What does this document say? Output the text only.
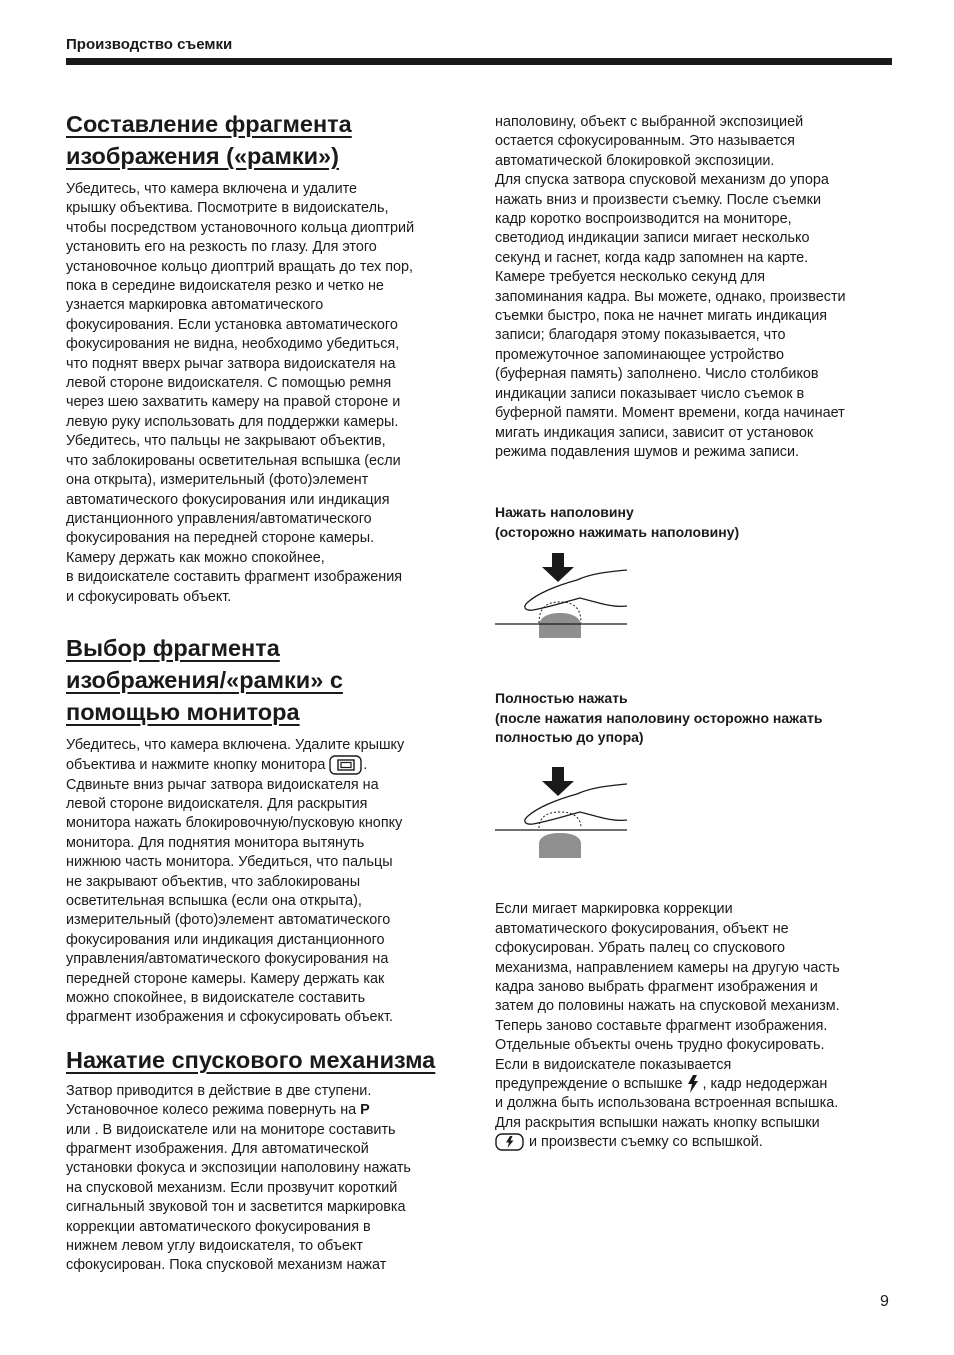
Производство съемки
Составление фрагмента
изображения («рамки»)

Убедитесь, что камера включена и удалите
крышку объектива. Посмотрите в видоискатель,
чтобы посредством установочного кольца диоптрий
установить его на резкость по глазу. Для этого
установочное кольцо диоптрий вращать до тех пор,
пока в середине видоискателя резко и четко не
узнается маркировка автоматического
фокусирования. Если установка автоматического
фокусирования не видна, необходимо убедиться,
что поднят вверх рычаг затвора видоискателя на
левой стороне видоискателя. С помощью ремня
через шею захватить камеру на правой стороне и
левую руку использовать для поддержки камеры.
Убедитесь, что пальцы не закрывают объектив,
что заблокированы осветительная вспышка (если
она открыта), измерительный (фото)элемент
автоматического фокусирования или индикация
дистанционного управления/автоматического
фокусирования на передней стороне камеры.
Камеру держать как можно спокойнее,
в видоискателе составить фрагмент изображения
и сфокусировать объект.

Выбор фрагмента
изображения/«рамки» с
помощью монитора

Убедитесь, что камера включена. Удалите крышку
объектива и нажмите кнопку монитора	.
Сдвиньте вниз рычаг затвора видоискателя на
левой стороне видоискателя. Для раскрытия
монитора нажать блокировочную/пусковую кнопку
монитора. Для поднятия монитора вытянуть
нижнюю часть монитора. Убедиться, что пальцы
не закрывают объектив, что заблокированы
осветительная вспышка (если она открыта),
измерительный (фото)элемент автоматического
фокусирования или индикация дистанционного
управления/автоматического фокусирования на
передней стороне камеры. Камеру держать как
можно спокойнее, в видоискателе составить
фрагмент изображения и сфокусировать объект.

Нажатие спускового механизма

Затвор приводится в действие в две ступени.
Установочное колесо режима повернуть на P
или . В видоискателе или на мониторе составить
фрагмент изображения. Для автоматической
установки фокуса и экспозиции наполовину нажать
на спусковой механизм. Если прозвучит короткий
сигнальный звуковой тон и засветится маркировка
коррекции автоматического фокусирования в
нижнем левом углу видоискателя, то объект
сфокусирован. Пока спусковой механизм нажат

наполовину, объект с выбранной экспозицией
остается сфокусированным. Это называется
автоматической блокировкой экспозиции.
Для спуска затвора спусковой механизм до упора
нажать вниз и произвести съемку. После съемки
кадр коротко воспроизводится на мониторе,
светодиод индикации записи мигает несколько
секунд и гаснет, когда кадр запомнен на карте.
Камере требуется несколько секунд для
запоминания кадра. Вы можете, однако, произвести
съемки быстро, пока не начнет мигать индикация
записи; благодаря этому показывается, что
промежуточное запоминающее устройство
(буферная память) заполнено. Число столбиков
индикации записи показывает число съемок в
буферной памяти. Момент времени, когда начинает
мигать индикация записи, зависит от установок
режима подавления шумов и режима записи.

Нажать наполовину
(осторожно нажимать наполовину)

Полностью нажать
(после нажатия наполовину осторожно нажать
полностью до упора)

Если мигает маркировка коррекции
автоматического фокусирования, объект не
сфокусирован. Убрать палец со спускового
механизма, направлением камеры на другую часть
кадра заново выбрать фрагмент изображения и
затем до половины нажать на спусковой механизм.
Теперь заново составьте фрагмент изображения.
Отдельные объекты очень трудно фокусировать.
Если в видоискателе показывается
предупреждение о вспышке  , кадр недодержан
и должна быть использована встроенная вспышка.
Для раскрытия вспышки нажать кнопку вспышки
и произвести съемку со вспышкой.

9
